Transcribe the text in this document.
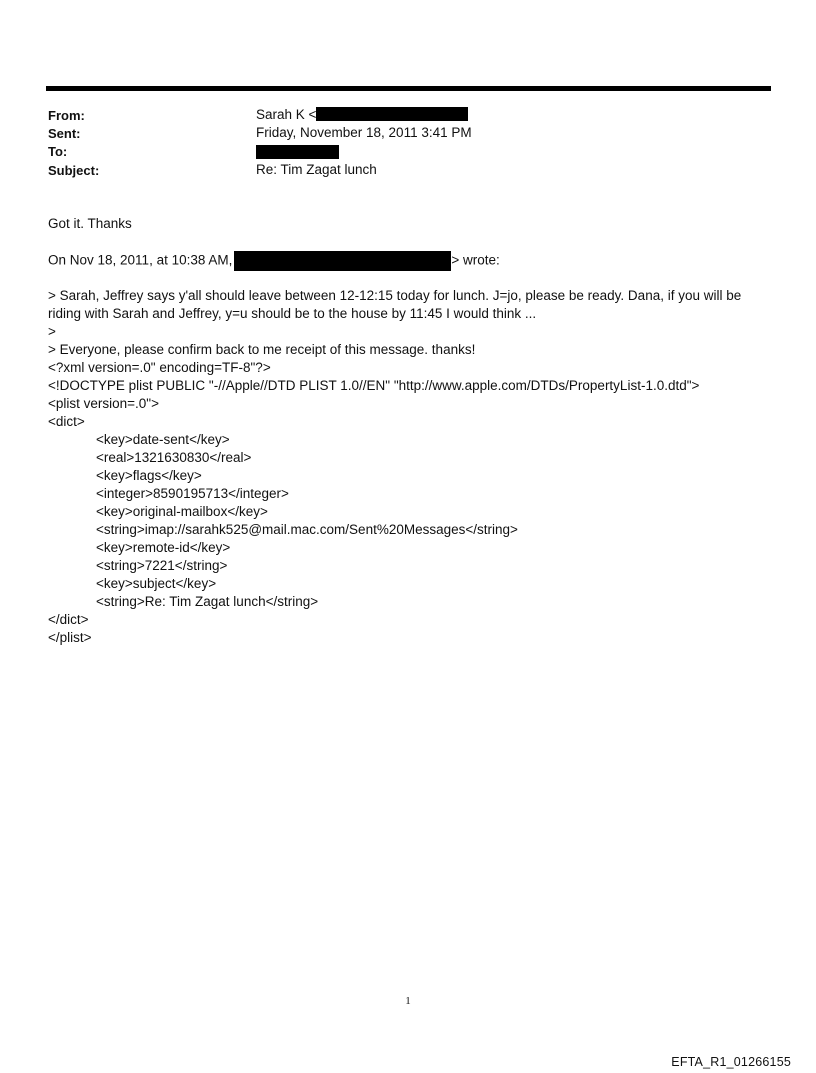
From:	Sarah K <
Sent:	Friday, November 18, 2011 3:41 PM
To:
Subject:	Re: Tim Zagat lunch
Got it. Thanks
On Nov 18, 2011, at 10:38 AM,	> wrote:
> Sarah, Jeffrey says y'all should leave between 12-12:15 today for lunch. J=jo, please be ready. Dana, if you will be riding with Sarah and Jeffrey, y=u should be to the house by 11:45 I would think ...
>
> Everyone, please confirm back to me receipt of this message. thanks!
<?xml version=.0" encoding=TF-8"?>
<!DOCTYPE plist PUBLIC "-//Apple//DTD PLIST 1.0//EN" "http://www.apple.com/DTDs/PropertyList-1.0.dtd">
<plist version=.0">
<dict>
<key>date-sent</key>
<real>1321630830</real>
<key>flags</key>
<integer>8590195713</integer>
<key>original-mailbox</key>
<string>imap://sarahk525@mail.mac.com/Sent%20Messages</string>
<key>remote-id</key>
<string>7221</string>
<key>subject</key>
<string>Re: Tim Zagat lunch</string>
</dict>
</plist>
1
EFTA_R1_01266155
